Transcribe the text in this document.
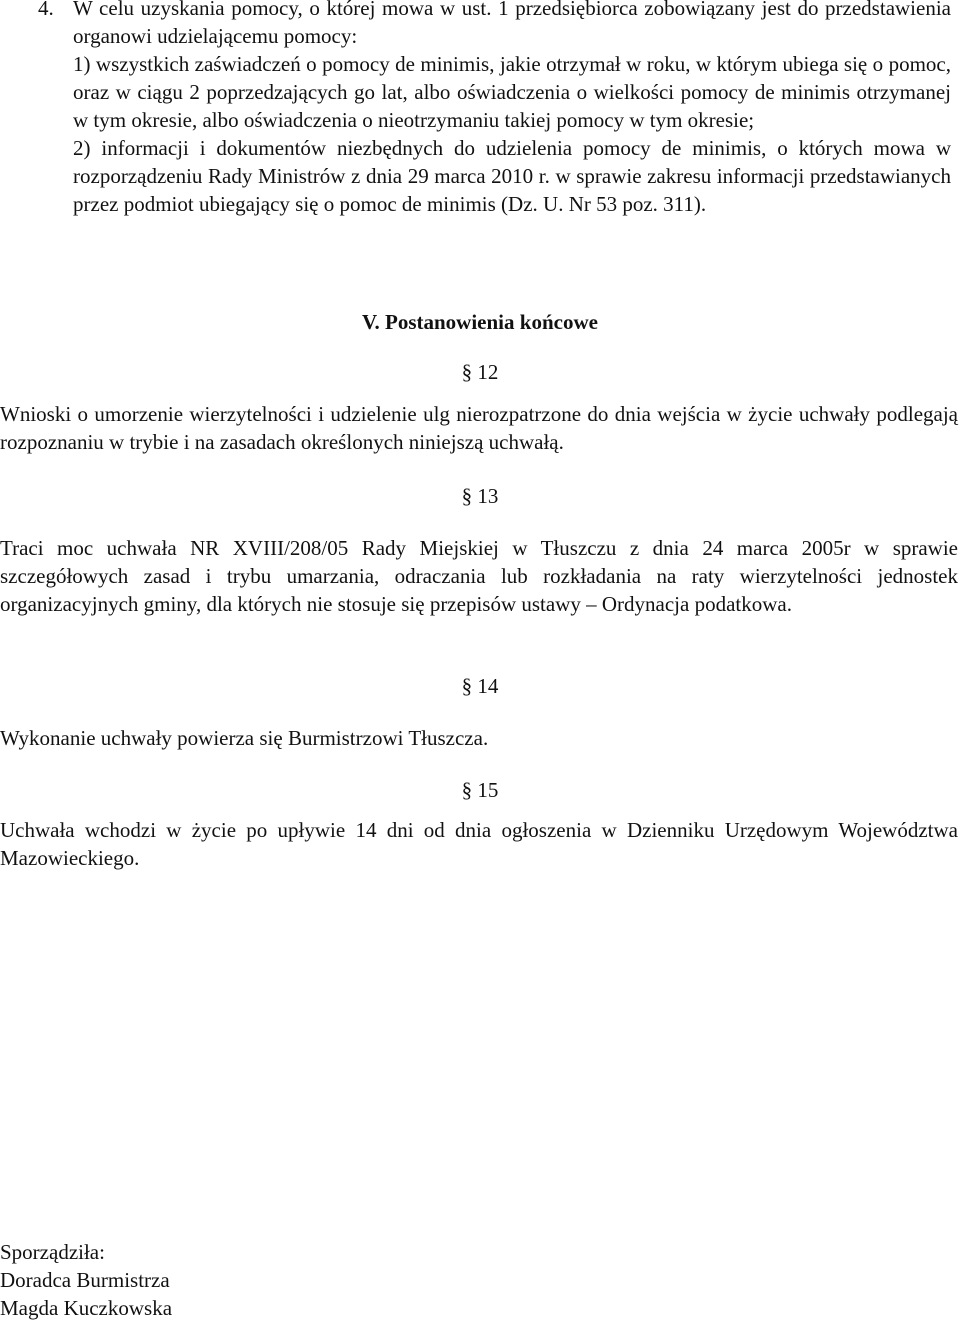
4. W celu uzyskania pomocy, o której mowa w ust. 1 przedsiębiorca zobowiązany jest do przedstawienia organowi udzielającemu pomocy:

1) wszystkich zaświadczeń o pomocy de minimis, jakie otrzymał w roku, w którym ubiega się o pomoc, oraz w ciągu 2 poprzedzających go lat, albo oświadczenia o wielkości pomocy de minimis otrzymanej w tym okresie, albo oświadczenia o nieotrzymaniu takiej pomocy w tym okresie;

2) informacji i dokumentów niezbędnych do udzielenia pomocy de minimis, o których mowa w rozporządzeniu Rady Ministrów z dnia 29 marca 2010 r. w sprawie zakresu informacji przedstawianych przez podmiot ubiegający się o pomoc de minimis (Dz. U. Nr 53 poz. 311).

V. Postanowienia końcowe
§ 12

Wnioski o umorzenie wierzytelności i udzielenie ulg nierozpatrzone do dnia wejścia w życie uchwały podlegają rozpoznaniu w trybie i na zasadach określonych niniejszą uchwałą.

§ 13

Traci moc uchwała NR XVIII/208/05 Rady Miejskiej w Tłuszczu z dnia 24 marca 2005r w sprawie szczegółowych zasad i trybu umarzania, odraczania lub rozkładania na raty wierzytelności jednostek organizacyjnych gminy, dla których nie stosuje się przepisów ustawy – Ordynacja podatkowa.

§ 14

Wykonanie uchwały powierza się Burmistrzowi Tłuszcza.

§ 15

Uchwała wchodzi w życie po upływie 14 dni od dnia ogłoszenia w Dzienniku Urzędowym Województwa Mazowieckiego.

Sporządziła:
Doradca Burmistrza
Magda Kuczkowska
